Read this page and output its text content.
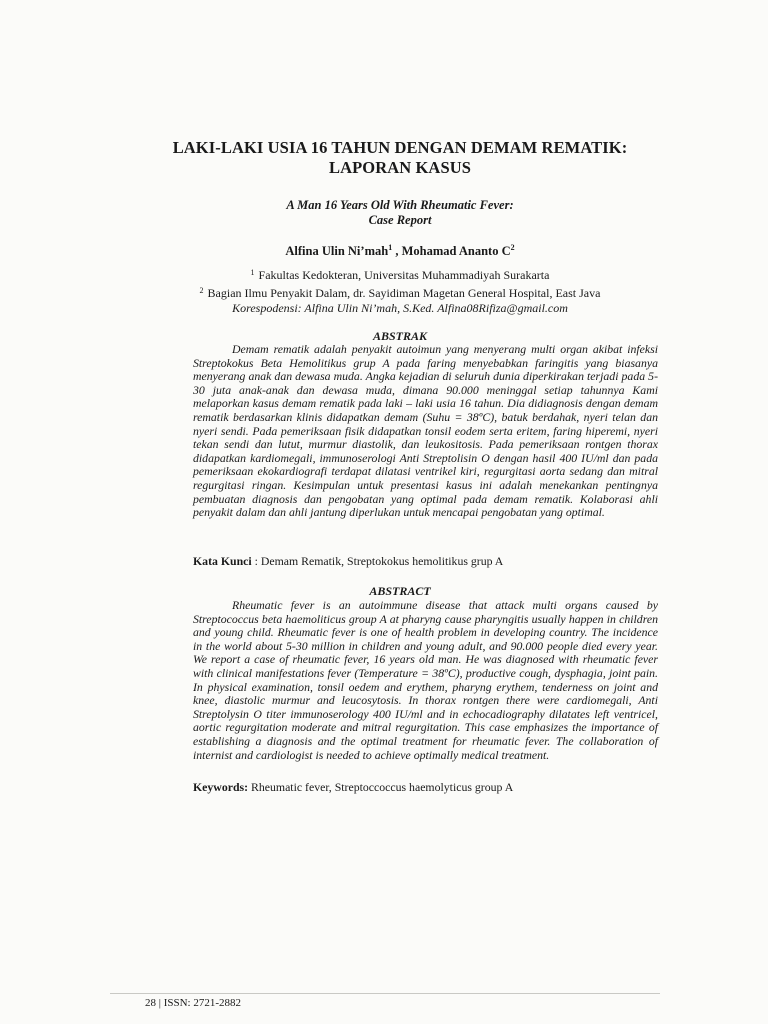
LAKI-LAKI USIA 16 TAHUN DENGAN DEMAM REMATIK:
LAPORAN KASUS
A Man 16 Years Old With Rheumatic Fever:
Case Report
Alfina Ulin Ni’mah$^1$ , Mohamad Ananto $C^2$
$^1$ Fakultas Kedokteran, Universitas Muhammadiyah Surakarta
$^2$ Bagian Ilmu Penyakit Dalam, dr. Sayidiman Magetan General Hospital, East Java
Korespodensi: Alfina Ulin Ni’mah, S.Ked. Alfina08Rifiza@gmail.com
ABSTRAK
Demam rematik adalah penyakit autoimun yang menyerang multi organ akibat infeksi Streptokokus Beta Hemolitikus grup A pada faring menyebabkan faringitis yang biasanya menyerang anak dan dewasa muda. Angka kejadian di seluruh dunia diperkirakan terjadi pada 5-30 juta anak-anak dan dewasa muda, dimana 90.000 meninggal setiap tahunnya Kami melaporkan kasus demam rematik pada laki – laki usia 16 tahun. Dia didiagnosis dengan demam rematik berdasarkan klinis didapatkan demam (Suhu = 38ºC), batuk berdahak, nyeri telan dan nyeri sendi. Pada pemeriksaan fisik didapatkan tonsil eodem serta eritem, faring hiperemi, nyeri tekan sendi dan lutut, murmur diastolik, dan leukositosis. Pada pemeriksaan rontgen thorax didapatkan kardiomegali, immunoserologi Anti Streptolisin O dengan hasil 400 IU/ml dan pada pemeriksaan ekokardiografi terdapat dilatasi ventrikel kiri, regurgitasi aorta sedang dan mitral regurgitasi ringan. Kesimpulan untuk presentasi kasus ini adalah menekankan pentingnya pembuatan diagnosis dan pengobatan yang optimal pada demam rematik. Kolaborasi ahli penyakit dalam dan ahli jantung diperlukan untuk mencapai pengobatan yang optimal.
Kata Kunci : Demam Rematik, Streptokokus hemolitikus grup A
ABSTRACT
Rheumatic fever is an autoimmune disease that attack multi organs caused by Streptococcus beta haemoliticus group A at pharyng cause pharyngitis usually happen in children and young child. Rheumatic fever is one of health problem in developing country. The incidence in the world about 5-30 million in children and young adult, and 90.000 people died every year. We report a case of rheumatic fever, 16 years old man. He was diagnosed with rheumatic fever with clinical manifestations fever (Temperature = 38ºC), productive cough, dysphagia, joint pain. In physical examination, tonsil oedem and erythem, pharyng erythem, tenderness on joint and knee, diastolic murmur and leucosytosis. In thorax rontgen there were cardiomegali, Anti Streptolysin O titer immunoserology 400 IU/ml and in echocadiography dilatates left ventricel, aortic regurgitation moderate and mitral regurgitation. This case emphasizes the importance of establishing a diagnosis and the optimal treatment for rheumatic fever. The collaboration of internist and cardiologist is needed to achieve optimally medical treatment.
Keywords: Rheumatic fever, Streptoccoccus haemolyticus group A
28 | ISSN: 2721-2882
